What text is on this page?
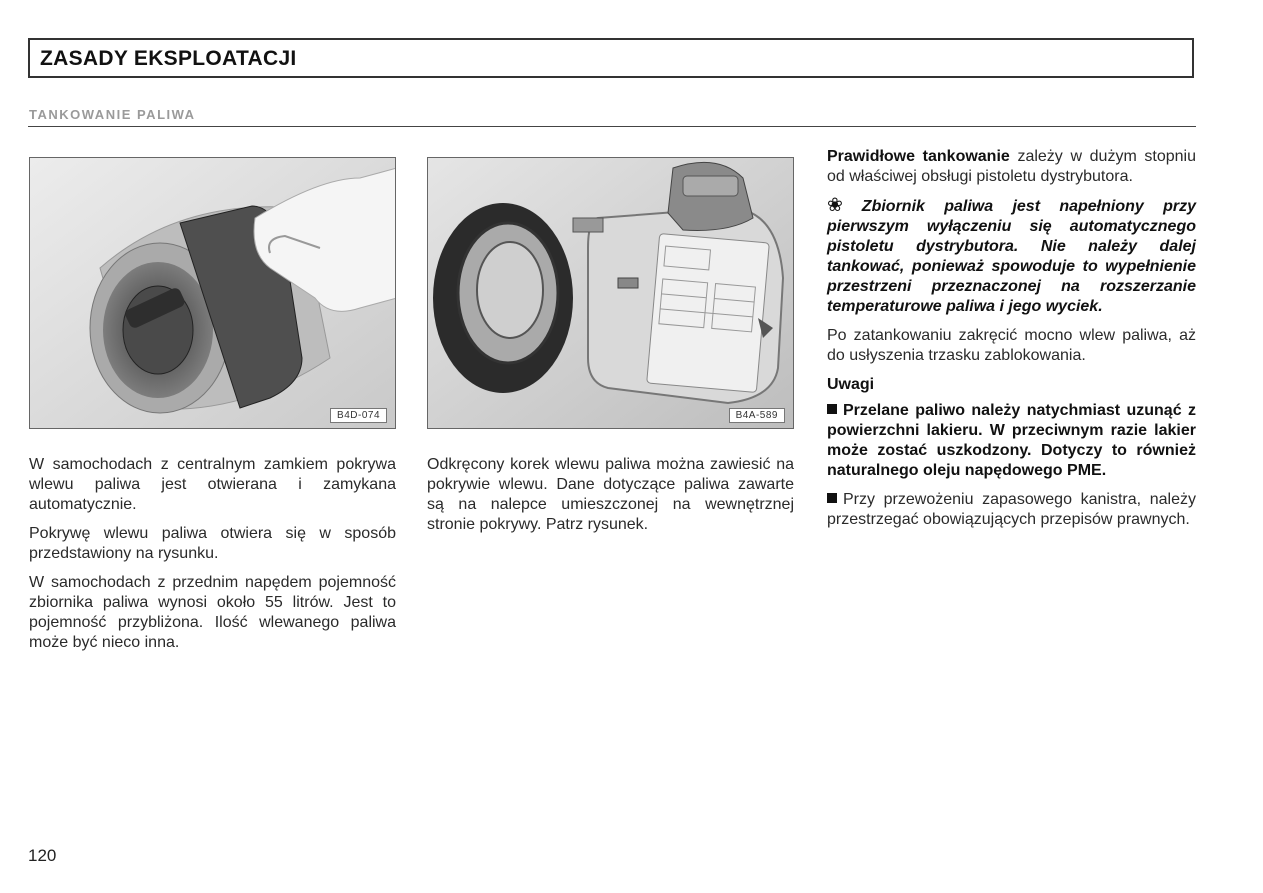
ZASADY EKSPLOATACJI
TANKOWANIE PALIWA
B4D-074	B4A-589

W samochodach z centralnym zamkiem pokrywa wlewu paliwa jest otwierana i zamykana automatycznie.

Pokrywę wlewu paliwa otwiera się w sposób przedstawiony na rysunku.

W samochodach z przednim napędem pojemność zbiornika paliwa wynosi około 55 litrów. Jest to pojemność przybliżona. Ilość wlewanego paliwa może być nieco inna.

Odkręcony korek wlewu paliwa można zawiesić na pokrywie wlewu. Dane dotyczące paliwa zawarte są na nalepce umieszczonej na wewnętrznej stronie pokrywy. Patrz rysunek.

Prawidłowe tankowanie zależy w dużym stopniu od właściwej obsługi pistoletu dystrybutora.

❀ Zbiornik paliwa jest napełniony przy pierwszym wyłączeniu się automatycznego pistoletu dystrybutora. Nie należy dalej tankować, ponieważ spowoduje to wypełnienie przestrzeni przeznaczonej na rozszerzanie temperaturowe paliwa i jego wyciek.

Po zatankowaniu zakręcić mocno wlew paliwa, aż do usłyszenia trzasku zablokowania.

Uwagi

Przelane paliwo należy natychmiast uzunąć z powierzchni lakieru. W przeciwnym razie lakier może zostać uszkodzony. Dotyczy to również naturalnego oleju napędowego PME.

Przy przewożeniu zapasowego kanistra, należy przestrzegać obowiązujących przepisów prawnych.

120
